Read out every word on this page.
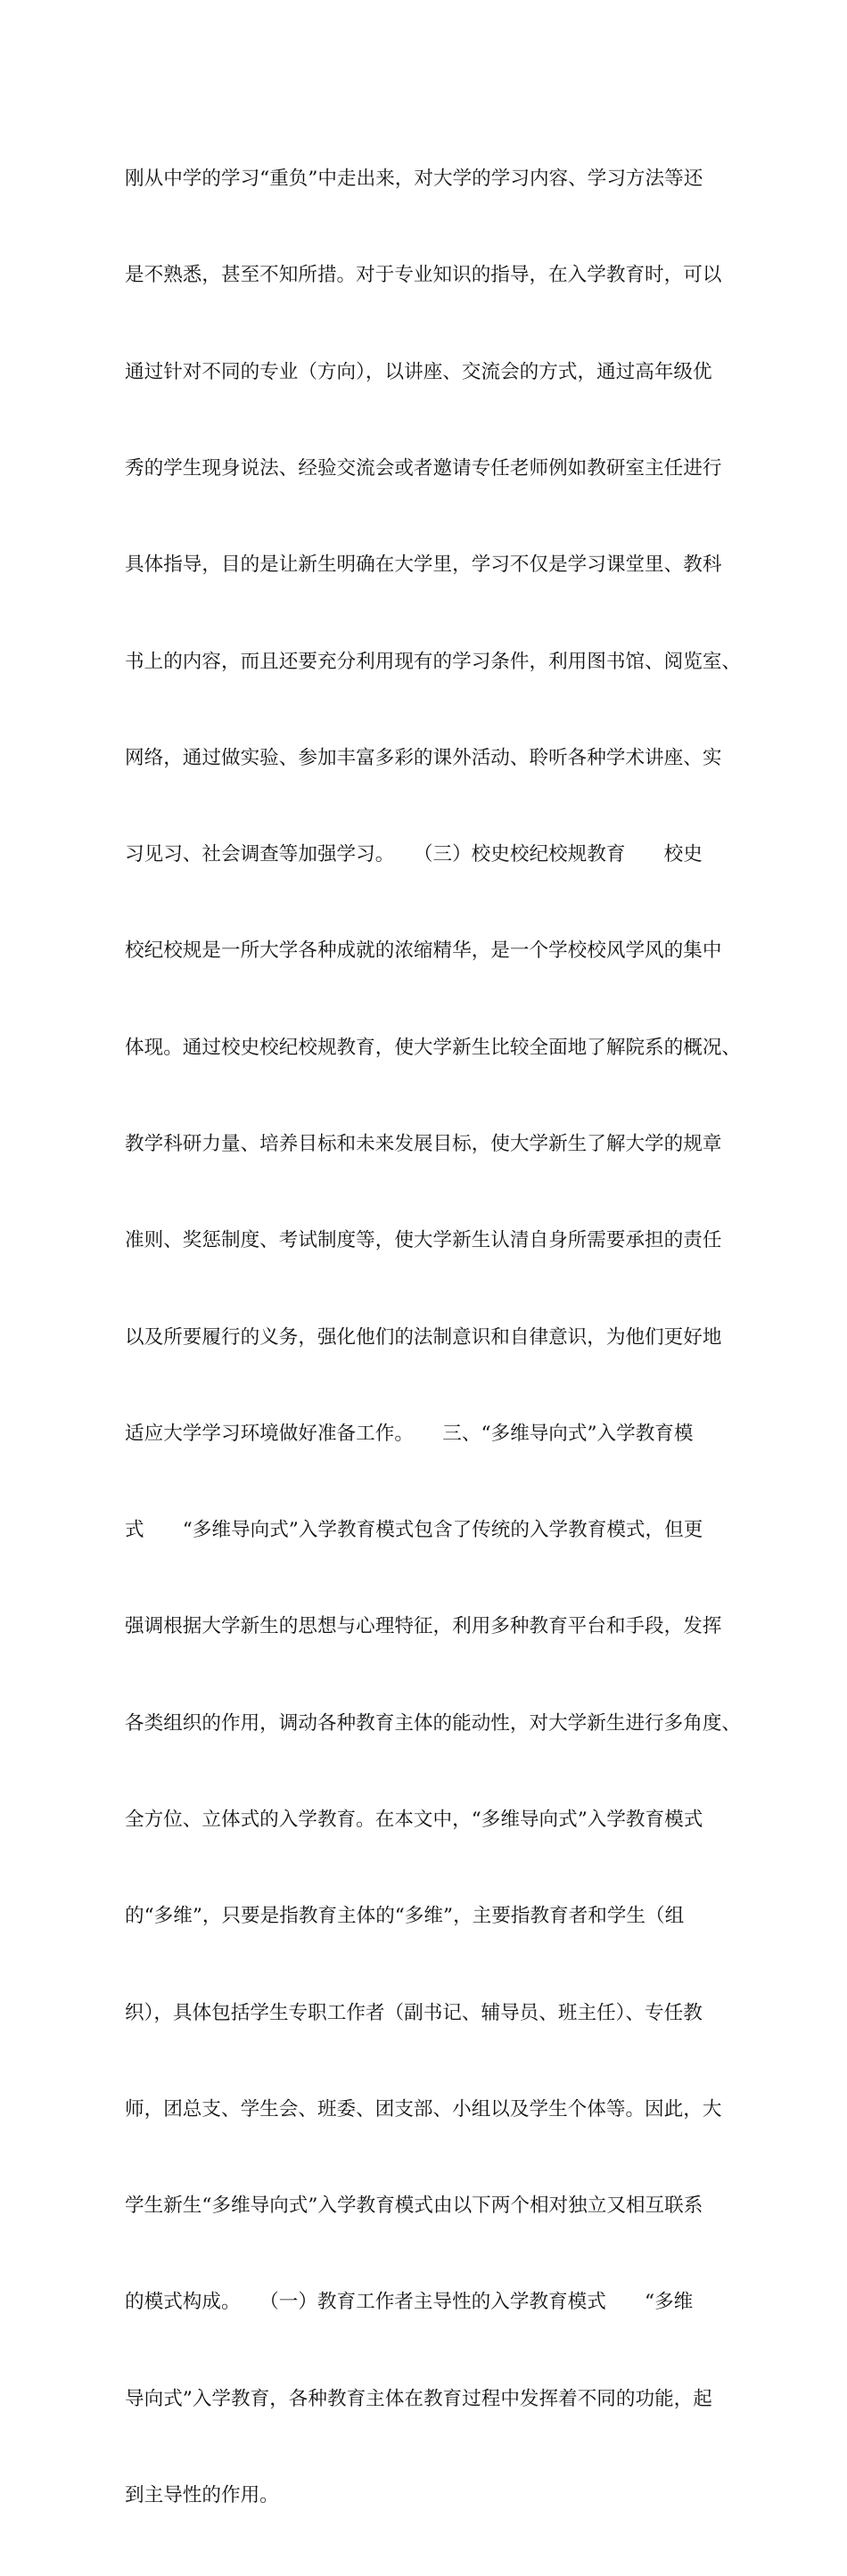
刚从中学的学习“重负”中走出来，对大学的学习内容、学习方法等还

是不熟悉，甚至不知所措。对于专业知识的指导，在入学教育时，可以

通过针对不同的专业（方向），以讲座、交流会的方式，通过高年级优

秀的学生现身说法、经验交流会或者邀请专任老师例如教研室主任进行

具体指导，目的是让新生明确在大学里，学习不仅是学习课堂里、教科

书上的内容，而且还要充分利用现有的学习条件，利用图书馆、阅览室、

网络，通过做实验、参加丰富多彩的课外活动、聆听各种学术讲座、实

习见习、社会调查等加强学习。　　（三）校史校纪校规教育　　校史

校纪校规是一所大学各种成就的浓缩精华，是一个学校校风学风的集中

体现。通过校史校纪校规教育，使大学新生比较全面地了解院系的概况、

教学科研力量、培养目标和未来发展目标，使大学新生了解大学的规章

准则、奖惩制度、考试制度等，使大学新生认清自身所需要承担的责任

以及所要履行的义务，强化他们的法制意识和自律意识，为他们更好地

适应大学学习环境做好准备工作。　　三、“多维导向式”入学教育模

式　　“多维导向式”入学教育模式包含了传统的入学教育模式，但更

强调根据大学新生的思想与心理特征，利用多种教育平台和手段，发挥

各类组织的作用，调动各种教育主体的能动性，对大学新生进行多角度、

全方位、立体式的入学教育。在本文中，“多维导向式”入学教育模式

的“多维”，只要是指教育主体的“多维”，主要指教育者和学生（组

织），具体包括学生专职工作者（副书记、辅导员、班主任）、专任教

师，团总支、学生会、班委、团支部、小组以及学生个体等。因此，大

学生新生“多维导向式”入学教育模式由以下两个相对独立又相互联系

的模式构成。　　（一）教育工作者主导性的入学教育模式　　“多维

导向式”入学教育，各种教育主体在教育过程中发挥着不同的功能，起

到主导性的作用。
